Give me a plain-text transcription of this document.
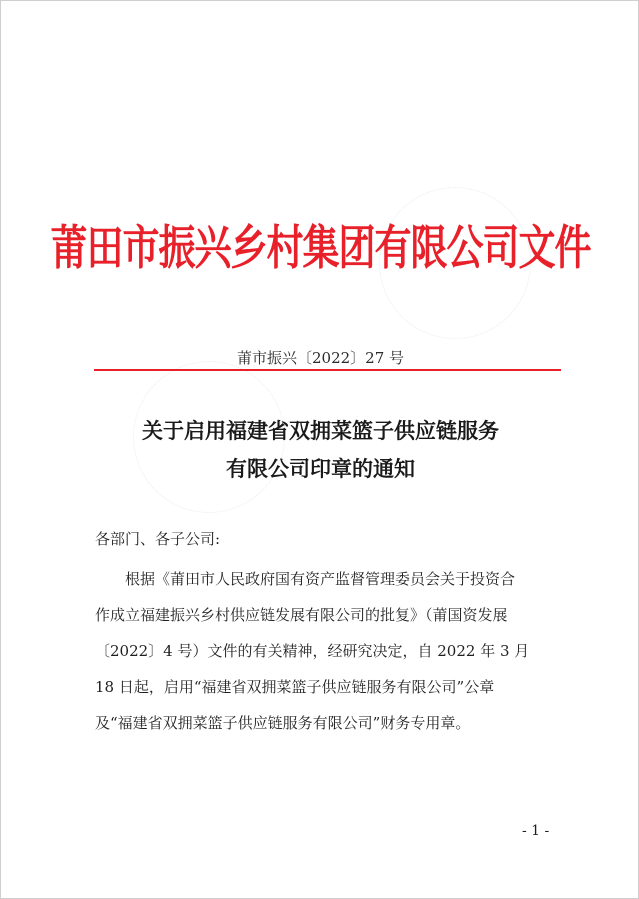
莆田市振兴乡村集团有限公司文件
莆市振兴〔2022〕27 号
关于启用福建省双拥菜篮子供应链服务
有限公司印章的通知
各部门、各子公司:
根据《莆田市人民政府国有资产监督管理委员会关于投资合
作成立福建振兴乡村供应链发展有限公司的批复》（莆国资发展
〔2022〕4 号）文件的有关精神，经研究决定，自 2022 年 3 月
18 日起，启用“福建省双拥菜篮子供应链服务有限公司”公章
及“福建省双拥菜篮子供应链服务有限公司”财务专用章。
- 1 -
